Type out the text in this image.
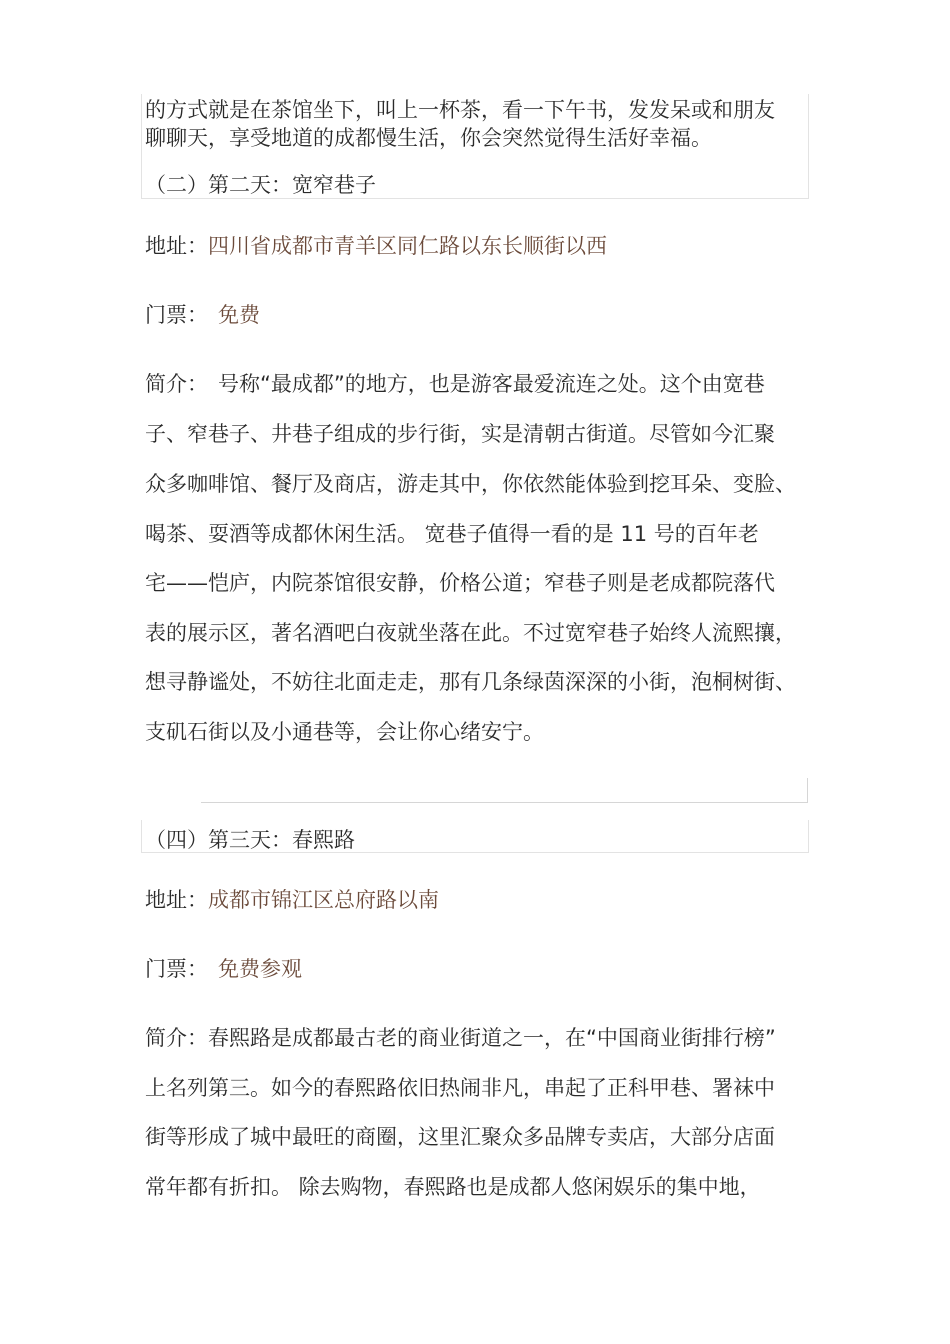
的方式就是在茶馆坐下，叫上一杯茶，看一下午书，发发呆或和朋友
聊聊天，享受地道的成都慢生活，你会突然觉得生活好幸福。

（二）第二天：宽窄巷子
地址：四川省成都市青羊区同仁路以东长顺街以西
门票： 免费
简介： 号称“最成都”的地方，也是游客最爱流连之处。这个由宽巷
子、窄巷子、井巷子组成的步行街，实是清朝古街道。尽管如今汇聚
众多咖啡馆、餐厅及商店，游走其中，你依然能体验到挖耳朵、变脸、
喝茶、耍酒等成都休闲生活。 宽巷子值得一看的是 11 号的百年老
宅——恺庐，内院茶馆很安静，价格公道；窄巷子则是老成都院落代
表的展示区，著名酒吧白夜就坐落在此。不过宽窄巷子始终人流熙攘，
想寻静谧处，不妨往北面走走，那有几条绿茵深深的小街，泡桐树街、
支矶石街以及小通巷等，会让你心绪安宁。
（四）第三天：春熙路
地址：成都市锦江区总府路以南
门票： 免费参观
简介：春熙路是成都最古老的商业街道之一，在“中国商业街排行榜”
上名列第三。如今的春熙路依旧热闹非凡，串起了正科甲巷、署袜中
街等形成了城中最旺的商圈，这里汇聚众多品牌专卖店，大部分店面
常年都有折扣。 除去购物，春熙路也是成都人悠闲娱乐的集中地，
